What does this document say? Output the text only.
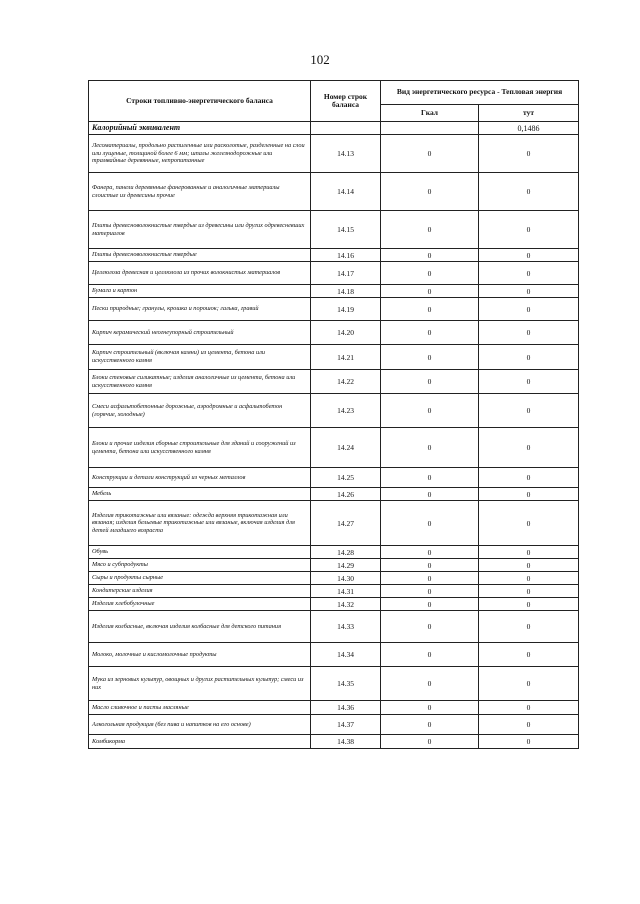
102
Строки топливно-энергетического баланса	Номер строк баланса	Вид энергетического ресурса - Тепловая энергия	
		Гкал	тут
Калорийный эквивалент			0,1486
Лесоматериалы, продольно распиленные или расколотые, разделенные на слои или лущеные, толщиной более 6 мм; шпалы железнодорожные или трамвайные деревянные, непропитанные	14.13	0	0
Фанера, панели деревянные фанерованные и аналогичные материалы слоистые из древесины прочие	14.14	0	0
Плиты древесноволокнистые твердые из древесины или других одревесневших материалов	14.15	0	0
Плиты древесноволокнистые твердые	14.16	0	0
Целлюлоза древесная и целлюлоза из прочих волокнистых материалов	14.17	0	0
Бумага и картон	14.18	0	0
Пески природные; гранулы, крошка и порошок; галька, гравий	14.19	0	0
Кирпич керамический неогнеупорный строительный	14.20	0	0
Кирпич строительный (включая камни) из цемента, бетона или искусственного камня	14.21	0	0
Блоки стеновые силикатные; изделия аналогичные из цемента, бетона или искусственного камня	14.22	0	0
Смеси асфальтобетонные дорожные, аэродромные и асфальтобетон (горячие, холодные)	14.23	0	0
Блоки и прочие изделия сборные строительные для зданий и сооружений из цемента, бетона или искусственного камня	14.24	0	0
Конструкции и детали конструкций из черных металлов	14.25	0	0
Мебель	14.26	0	0
Изделия трикотажные или вязаные: одежда верхняя трикотажная или вязаная; изделия бельевые трикотажные или вязаные, включая изделия для детей младшего возраста	14.27	0	0
Обувь	14.28	0	0
Мясо и субпродукты	14.29	0	0
Сыры и продукты сырные	14.30	0	0
Кондитерские изделия	14.31	0	0
Изделия хлебобулочные	14.32	0	0
Изделия колбасные, включая изделия колбасные для детского питания	14.33	0	0
Молоко, молочные и кисломолочные продукты	14.34	0	0
Мука из зерновых культур, овощных и других растительных культур; смеси из них	14.35	0	0
Масло сливочное и пасты масляные	14.36	0	0
Алкогольная продукция (без пива и напитков на его основе)	14.37	0	0
Комбикорма	14.38	0	0
